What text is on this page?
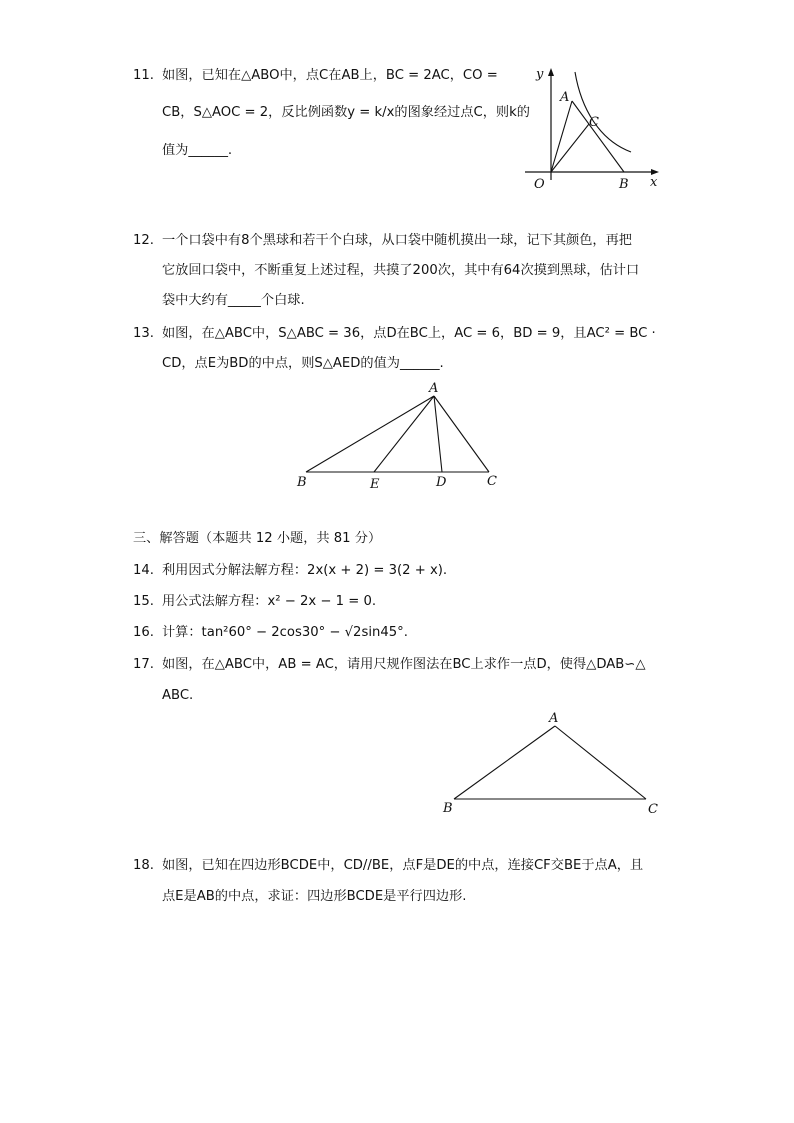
11. 如图，已知在△ABO中，点C在AB上，BC = 2AC，CO =
CB，S△AOC = 2，反比例函数y = k/x的图象经过点C，则k的
值为______.
y
A
C
O	B x
12. 一个口袋中有8个黑球和若干个白球，从口袋中随机摸出一球，记下其颜色，再把
它放回口袋中，不断重复上述过程，共摸了200次，其中有64次摸到黑球，估计口
袋中大约有_____个白球.
13. 如图，在△ABC中，S△ABC = 36，点D在BC上，AC = 6，BD = 9，且AC² = BC ·
CD，点E为BD的中点，则S△AED的值为______.
A
B	E	D	C
三、解答题（本题共 12 小题，共 81 分）
14. 利用因式分解法解方程：2x(x + 2) = 3(2 + x).
15. 用公式法解方程：x² − 2x − 1 = 0.
16. 计算：tan²60° − 2cos30° − √2sin45°.
17. 如图，在△ABC中，AB = AC，请用尺规作图法在BC上求作一点D，使得△DAB∽△
ABC.
A
B	C
18. 如图，已知在四边形BCDE中，CD//BE，点F是DE的中点，连接CF交BE于点A，且
点E是AB的中点，求证：四边形BCDE是平行四边形.
